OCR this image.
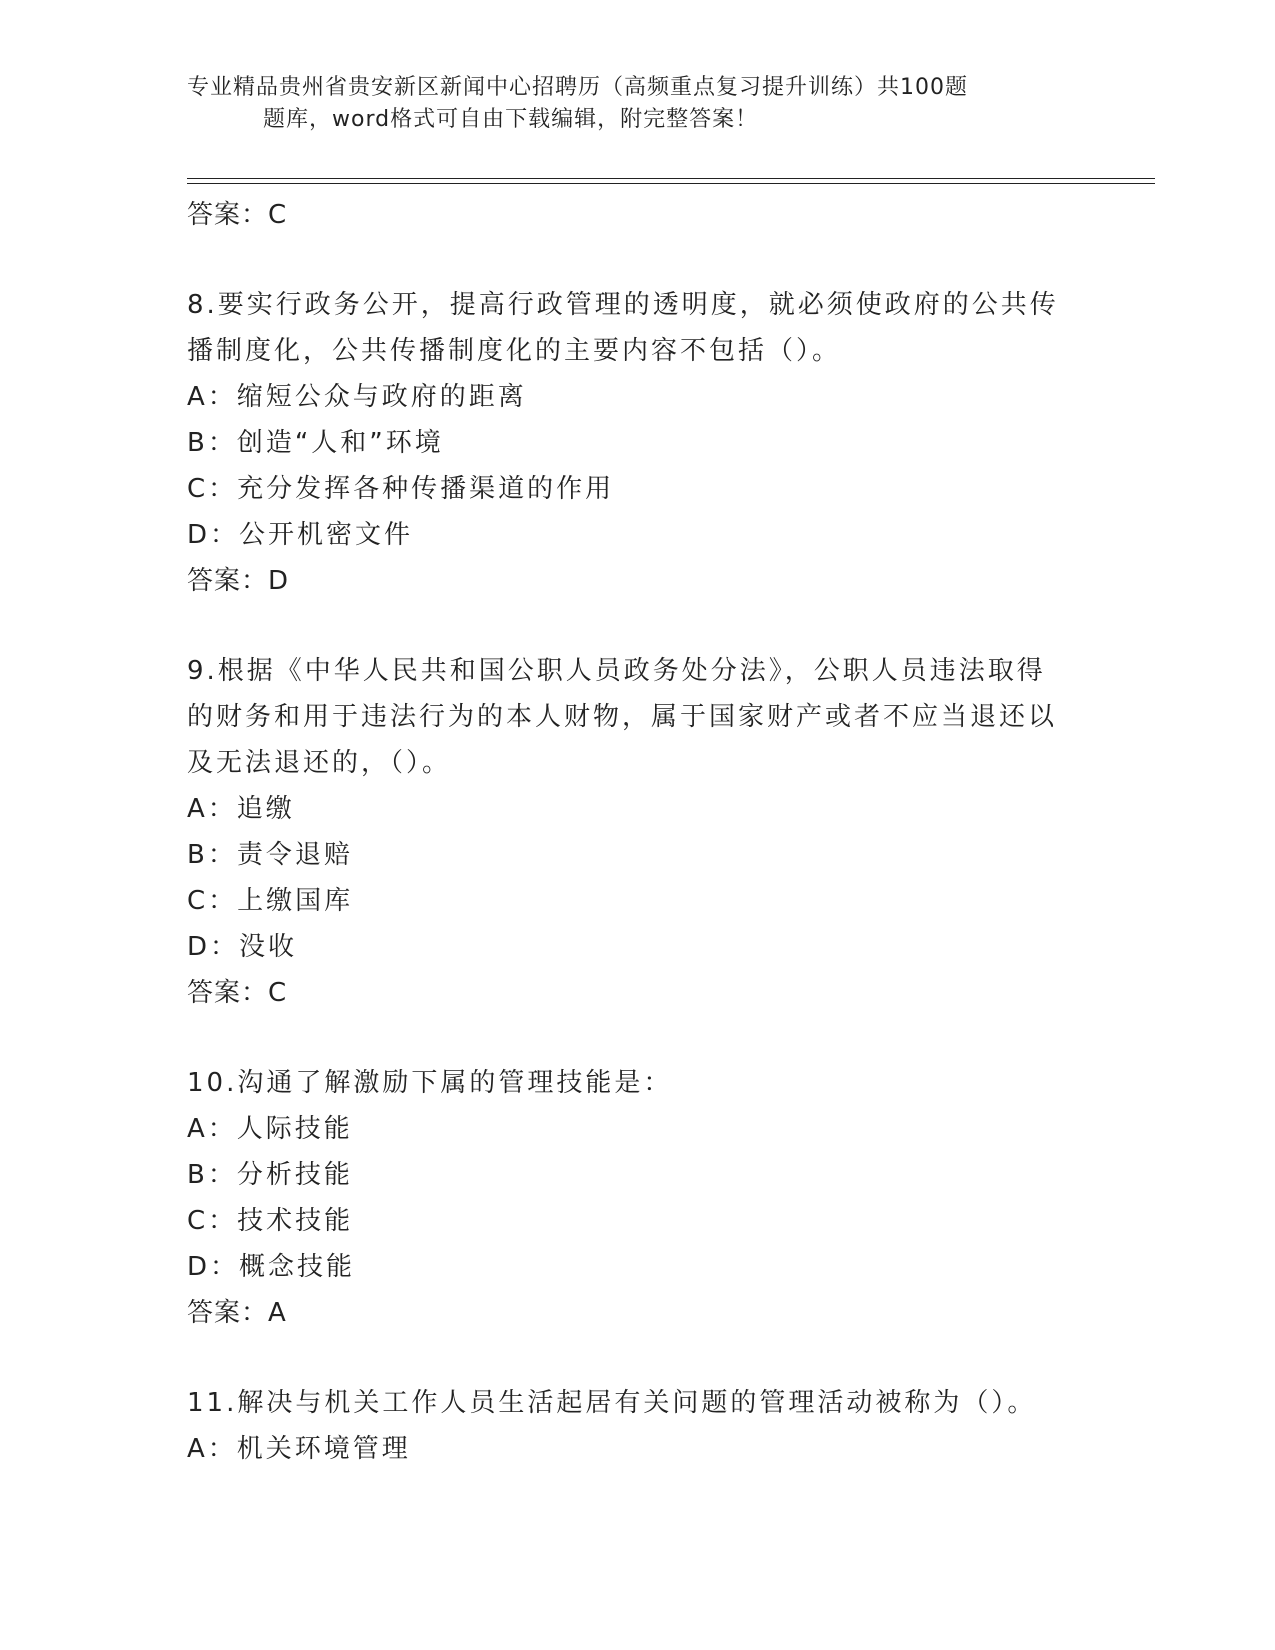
专业精品贵州省贵安新区新闻中心招聘历（高频重点复习提升训练）共100题
题库，word格式可自由下载编辑，附完整答案！
答案：C
8.要实行政务公开，提高行政管理的透明度，就必须使政府的公共传
播制度化，公共传播制度化的主要内容不包括（）。
A：缩短公众与政府的距离
B：创造“人和”环境
C：充分发挥各种传播渠道的作用
D：公开机密文件
答案：D
9.根据《中华人民共和国公职人员政务处分法》，公职人员违法取得
的财务和用于违法行为的本人财物，属于国家财产或者不应当退还以
及无法退还的，（）。
A：追缴
B：责令退赔
C：上缴国库
D：没收
答案：C
10.沟通了解激励下属的管理技能是：
A：人际技能
B：分析技能
C：技术技能
D：概念技能
答案：A
11.解决与机关工作人员生活起居有关问题的管理活动被称为（）。
A：机关环境管理
